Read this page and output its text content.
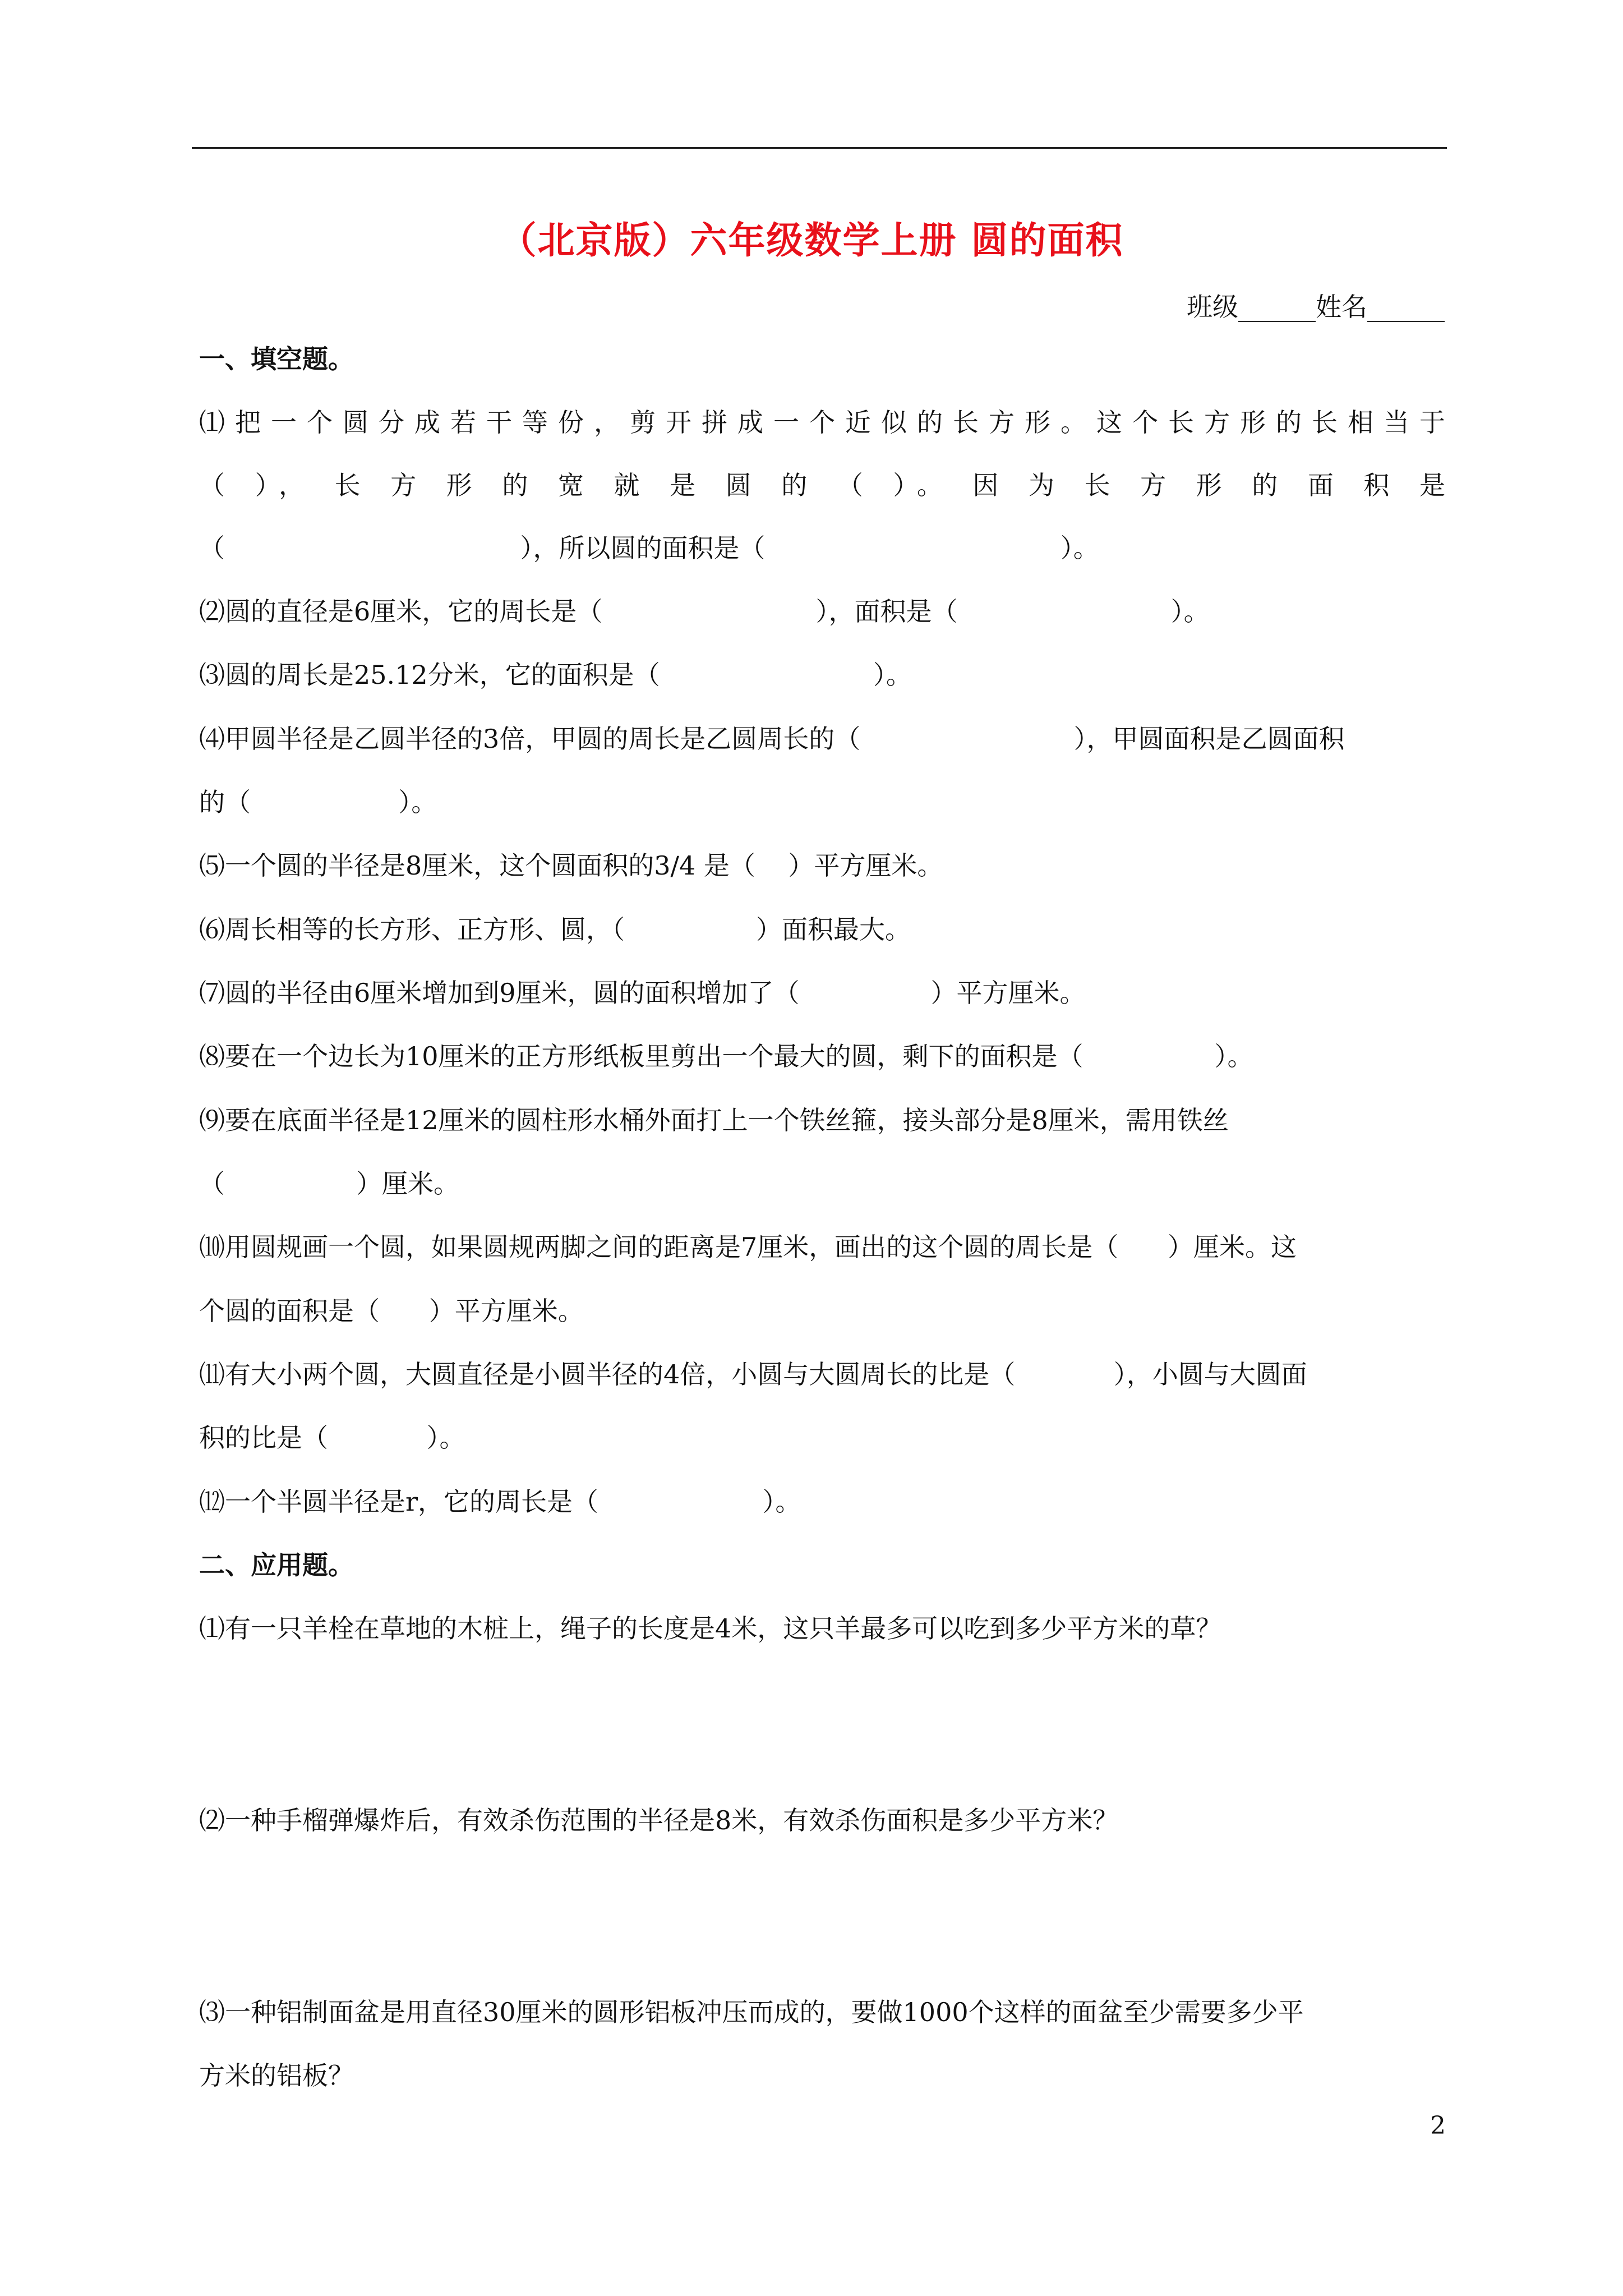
（北京版）六年级数学上册 圆的面积
班级______姓名______
一、填空题。
⑴ 把 一 个 圆 分 成 若 干 等 份 ， 剪 开 拼 成 一 个 近 似 的 长 方 形 。 这 个 长 方 形 的 长 相 当 于
（ ）， 长 方 形 的 宽 就 是 圆 的 （ ）。 因 为 长 方 形 的 面 积 是
（                                    ），所以圆的面积是（                                    ）。
⑵圆的直径是6厘米，它的周长是（                          ），面积是（                          ）。
⑶圆的周长是25.12分米，它的面积是（                          ）。
⑷甲圆半径是乙圆半径的3倍，甲圆的周长是乙圆周长的（                          ），甲圆面积是乙圆面积
的（                  ）。
⑸一个圆的半径是8厘米，这个圆面积的3/4 是（    ）平方厘米。
⑹周长相等的长方形、正方形、圆，（                ）面积最大。
⑺圆的半径由6厘米增加到9厘米，圆的面积增加了（                ）平方厘米。
⑻要在一个边长为10厘米的正方形纸板里剪出一个最大的圆，剩下的面积是（                ）。
⑼要在底面半径是12厘米的圆柱形水桶外面打上一个铁丝箍，接头部分是8厘米，需用铁丝
（                ）厘米。
⑽用圆规画一个圆，如果圆规两脚之间的距离是7厘米，画出的这个圆的周长是（      ）厘米。这
个圆的面积是（      ）平方厘米。
⑾有大小两个圆，大圆直径是小圆半径的4倍，小圆与大圆周长的比是（            ），小圆与大圆面
积的比是（            ）。
⑿一个半圆半径是r，它的周长是（                    ）。
二、应用题。
⑴有一只羊栓在草地的木桩上，绳子的长度是4米，这只羊最多可以吃到多少平方米的草？
⑵一种手榴弹爆炸后，有效杀伤范围的半径是8米，有效杀伤面积是多少平方米？
⑶一种铝制面盆是用直径30厘米的圆形铝板冲压而成的，要做1000个这样的面盆至少需要多少平
方米的铝板？
2
